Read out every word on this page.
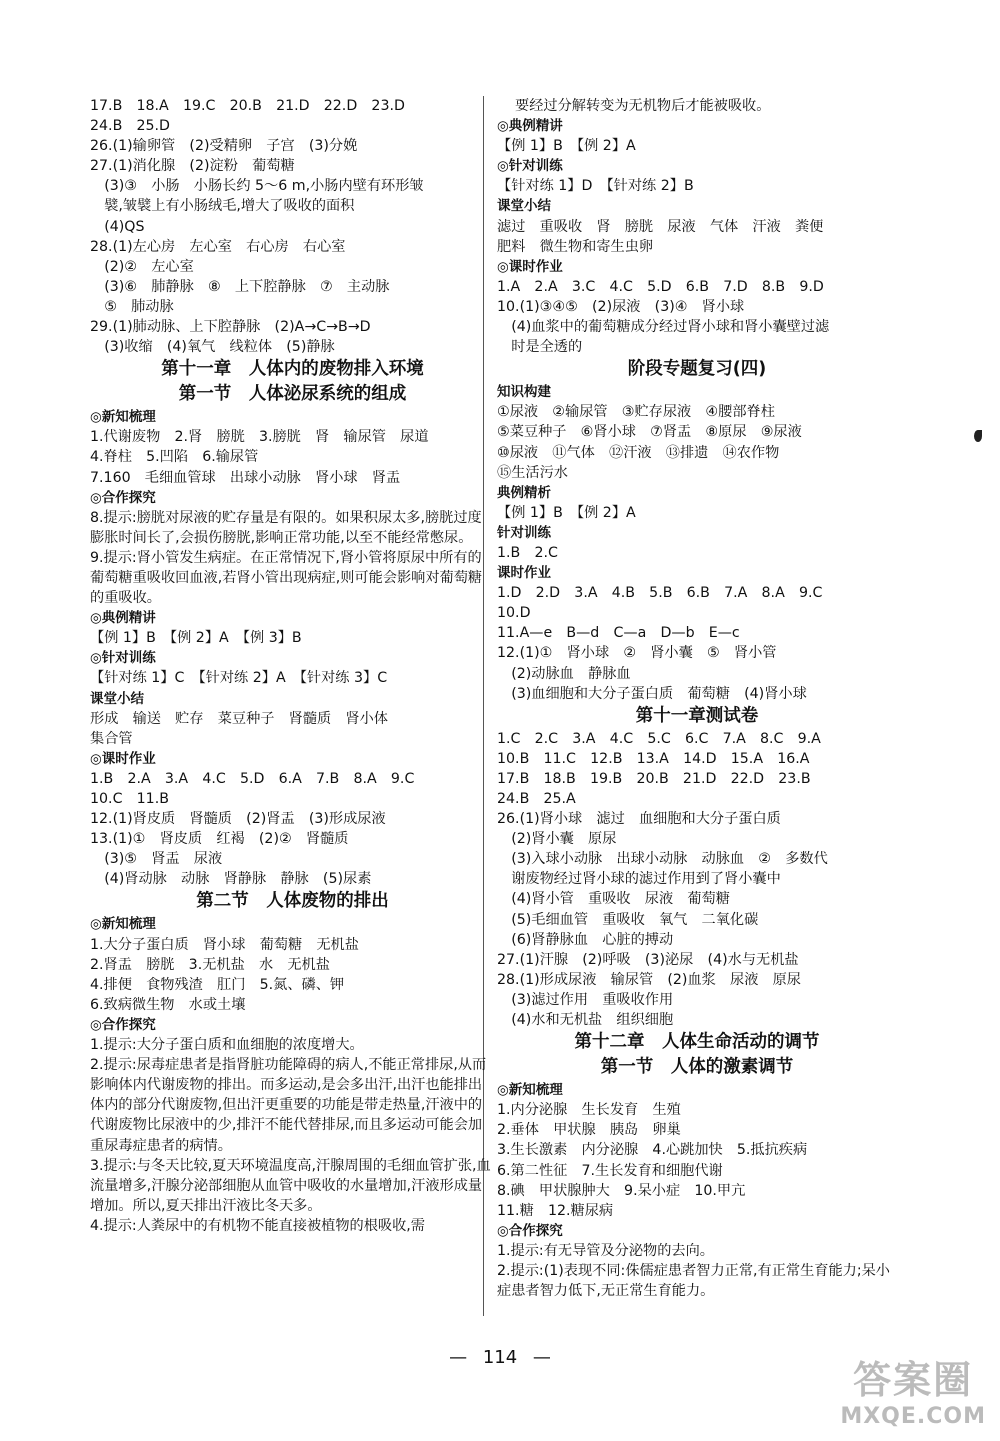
17.B　18.A　19.C　20.B　21.D　22.D　23.D
24.B　25.D
26.(1)输卵管　(2)受精卵　子宫　(3)分娩
27.(1)消化腺　(2)淀粉　葡萄糖
　(3)③　小肠　小肠长约 5～6 m,小肠内壁有环形皱
　襞,皱襞上有小肠绒毛,增大了吸收的面积
　(4)QS
28.(1)左心房　左心室　右心房　右心室
　(2)②　左心室
　(3)⑥　肺静脉　⑧　上下腔静脉　⑦　主动脉
　⑤　肺动脉
29.(1)肺动脉、上下腔静脉　(2)A→C→B→D
　(3)收缩　(4)氧气　线粒体　(5)静脉
第十一章　人体内的废物排入环境
第一节　人体泌尿系统的组成
◎新知梳理
1.代谢废物　2.肾　膀胱　3.膀胱　肾　输尿管　尿道
4.脊柱　5.凹陷　6.输尿管
7.160　毛细血管球　出球小动脉　肾小球　肾盂
◎合作探究
8.提示:膀胱对尿液的贮存量是有限的。如果积尿太多,膀胱过度膨胀时间长了,会损伤膀胱,影响正常功能,以至不能经常憋尿。
9.提示:肾小管发生病症。在正常情况下,肾小管将原尿中所有的葡萄糖重吸收回血液,若肾小管出现病症,则可能会影响对葡萄糖的重吸收。
◎典例精讲
【例 1】B　【例 2】A　【例 3】B
◎针对训练
【针对练 1】C　【针对练 2】A　【针对练 3】C
课堂小结
形成　输送　贮存　菜豆种子　肾髓质　肾小体
集合管
◎课时作业
1.B　2.A　3.A　4.C　5.D　6.A　7.B　8.A　9.C
10.C　11.B
12.(1)肾皮质　肾髓质　(2)肾盂　(3)形成尿液
13.(1)①　肾皮质　红褐　(2)②　肾髓质
　(3)⑤　肾盂　尿液
　(4)肾动脉　动脉　肾静脉　静脉　(5)尿素
第二节　人体废物的排出
◎新知梳理
1.大分子蛋白质　肾小球　葡萄糖　无机盐
2.肾盂　膀胱　3.无机盐　水　无机盐
4.排便　食物残渣　肛门　5.氮、磷、钾
6.致病微生物　水或土壤
◎合作探究
1.提示:大分子蛋白质和血细胞的浓度增大。
2.提示:尿毒症患者是指肾脏功能障碍的病人,不能正常排尿,从而影响体内代谢废物的排出。而多运动,是会多出汗,出汗也能排出体内的部分代谢废物,但出汗更重要的功能是带走热量,汗液中的代谢废物比尿液中的少,排汗不能代替排尿,而且多运动可能会加重尿毒症患者的病情。
3.提示:与冬天比较,夏天环境温度高,汗腺周围的毛细血管扩张,血流量增多,汗腺分泌部细胞从血管中吸收的水量增加,汗液形成量增加。所以,夏天排出汗液比冬天多。
4.提示:人粪尿中的有机物不能直接被植物的根吸收,需
要经过分解转变为无机物后才能被吸收。
◎典例精讲
【例 1】B　【例 2】A
◎针对训练
【针对练 1】D　【针对练 2】B
课堂小结
滤过　重吸收　肾　膀胱　尿液　气体　汗液　粪便
肥料　微生物和寄生虫卵
◎课时作业
1.A　2.A　3.C　4.C　5.D　6.B　7.D　8.B　9.D
10.(1)③④⑤　(2)尿液　(3)④　肾小球
　(4)血浆中的葡萄糖成分经过肾小球和肾小囊壁过滤
　时是全透的
阶段专题复习(四)
知识构建
①尿液　②输尿管　③贮存尿液　④腰部脊柱
⑤菜豆种子　⑥肾小球　⑦肾盂　⑧原尿　⑨尿液
⑩尿液　⑪气体　⑫汗液　⑬排遗　⑭农作物
⑮生活污水
典例精析
【例 1】B　【例 2】A
针对训练
1.B　2.C
课时作业
1.D　2.D　3.A　4.B　5.B　6.B　7.A　8.A　9.C
10.D
11.A—e　B—d　C—a　D—b　E—c
12.(1)①　肾小球　②　肾小囊　⑤　肾小管
　(2)动脉血　静脉血
　(3)血细胞和大分子蛋白质　葡萄糖　(4)肾小球
第十一章测试卷
1.C　2.C　3.A　4.C　5.C　6.C　7.A　8.C　9.A
10.B　11.C　12.B　13.A　14.D　15.A　16.A
17.B　18.B　19.B　20.B　21.D　22.D　23.B
24.B　25.A
26.(1)肾小球　滤过　血细胞和大分子蛋白质
　(2)肾小囊　原尿
　(3)入球小动脉　出球小动脉　动脉血　②　多数代
　谢废物经过肾小球的滤过作用到了肾小囊中
　(4)肾小管　重吸收　尿液　葡萄糖
　(5)毛细血管　重吸收　氧气　二氧化碳
　(6)肾静脉血　心脏的搏动
27.(1)汗腺　(2)呼吸　(3)泌尿　(4)水与无机盐
28.(1)形成尿液　输尿管　(2)血浆　尿液　原尿
　(3)滤过作用　重吸收作用
　(4)水和无机盐　组织细胞
第十二章　人体生命活动的调节
第一节　人体的激素调节
◎新知梳理
1.内分泌腺　生长发育　生殖
2.垂体　甲状腺　胰岛　卵巢
3.生长激素　内分泌腺　4.心跳加快　5.抵抗疾病
6.第二性征　7.生长发育和细胞代谢
8.碘　甲状腺肿大　9.呆小症　10.甲亢
11.糖　12.糖尿病
◎合作探究
1.提示:有无导管及分泌物的去向。
2.提示:(1)表现不同:侏儒症患者智力正常,有正常生育能力;呆小症患者智力低下,无正常生育能力。
— 114 —	答案圈
MXQE.COM
